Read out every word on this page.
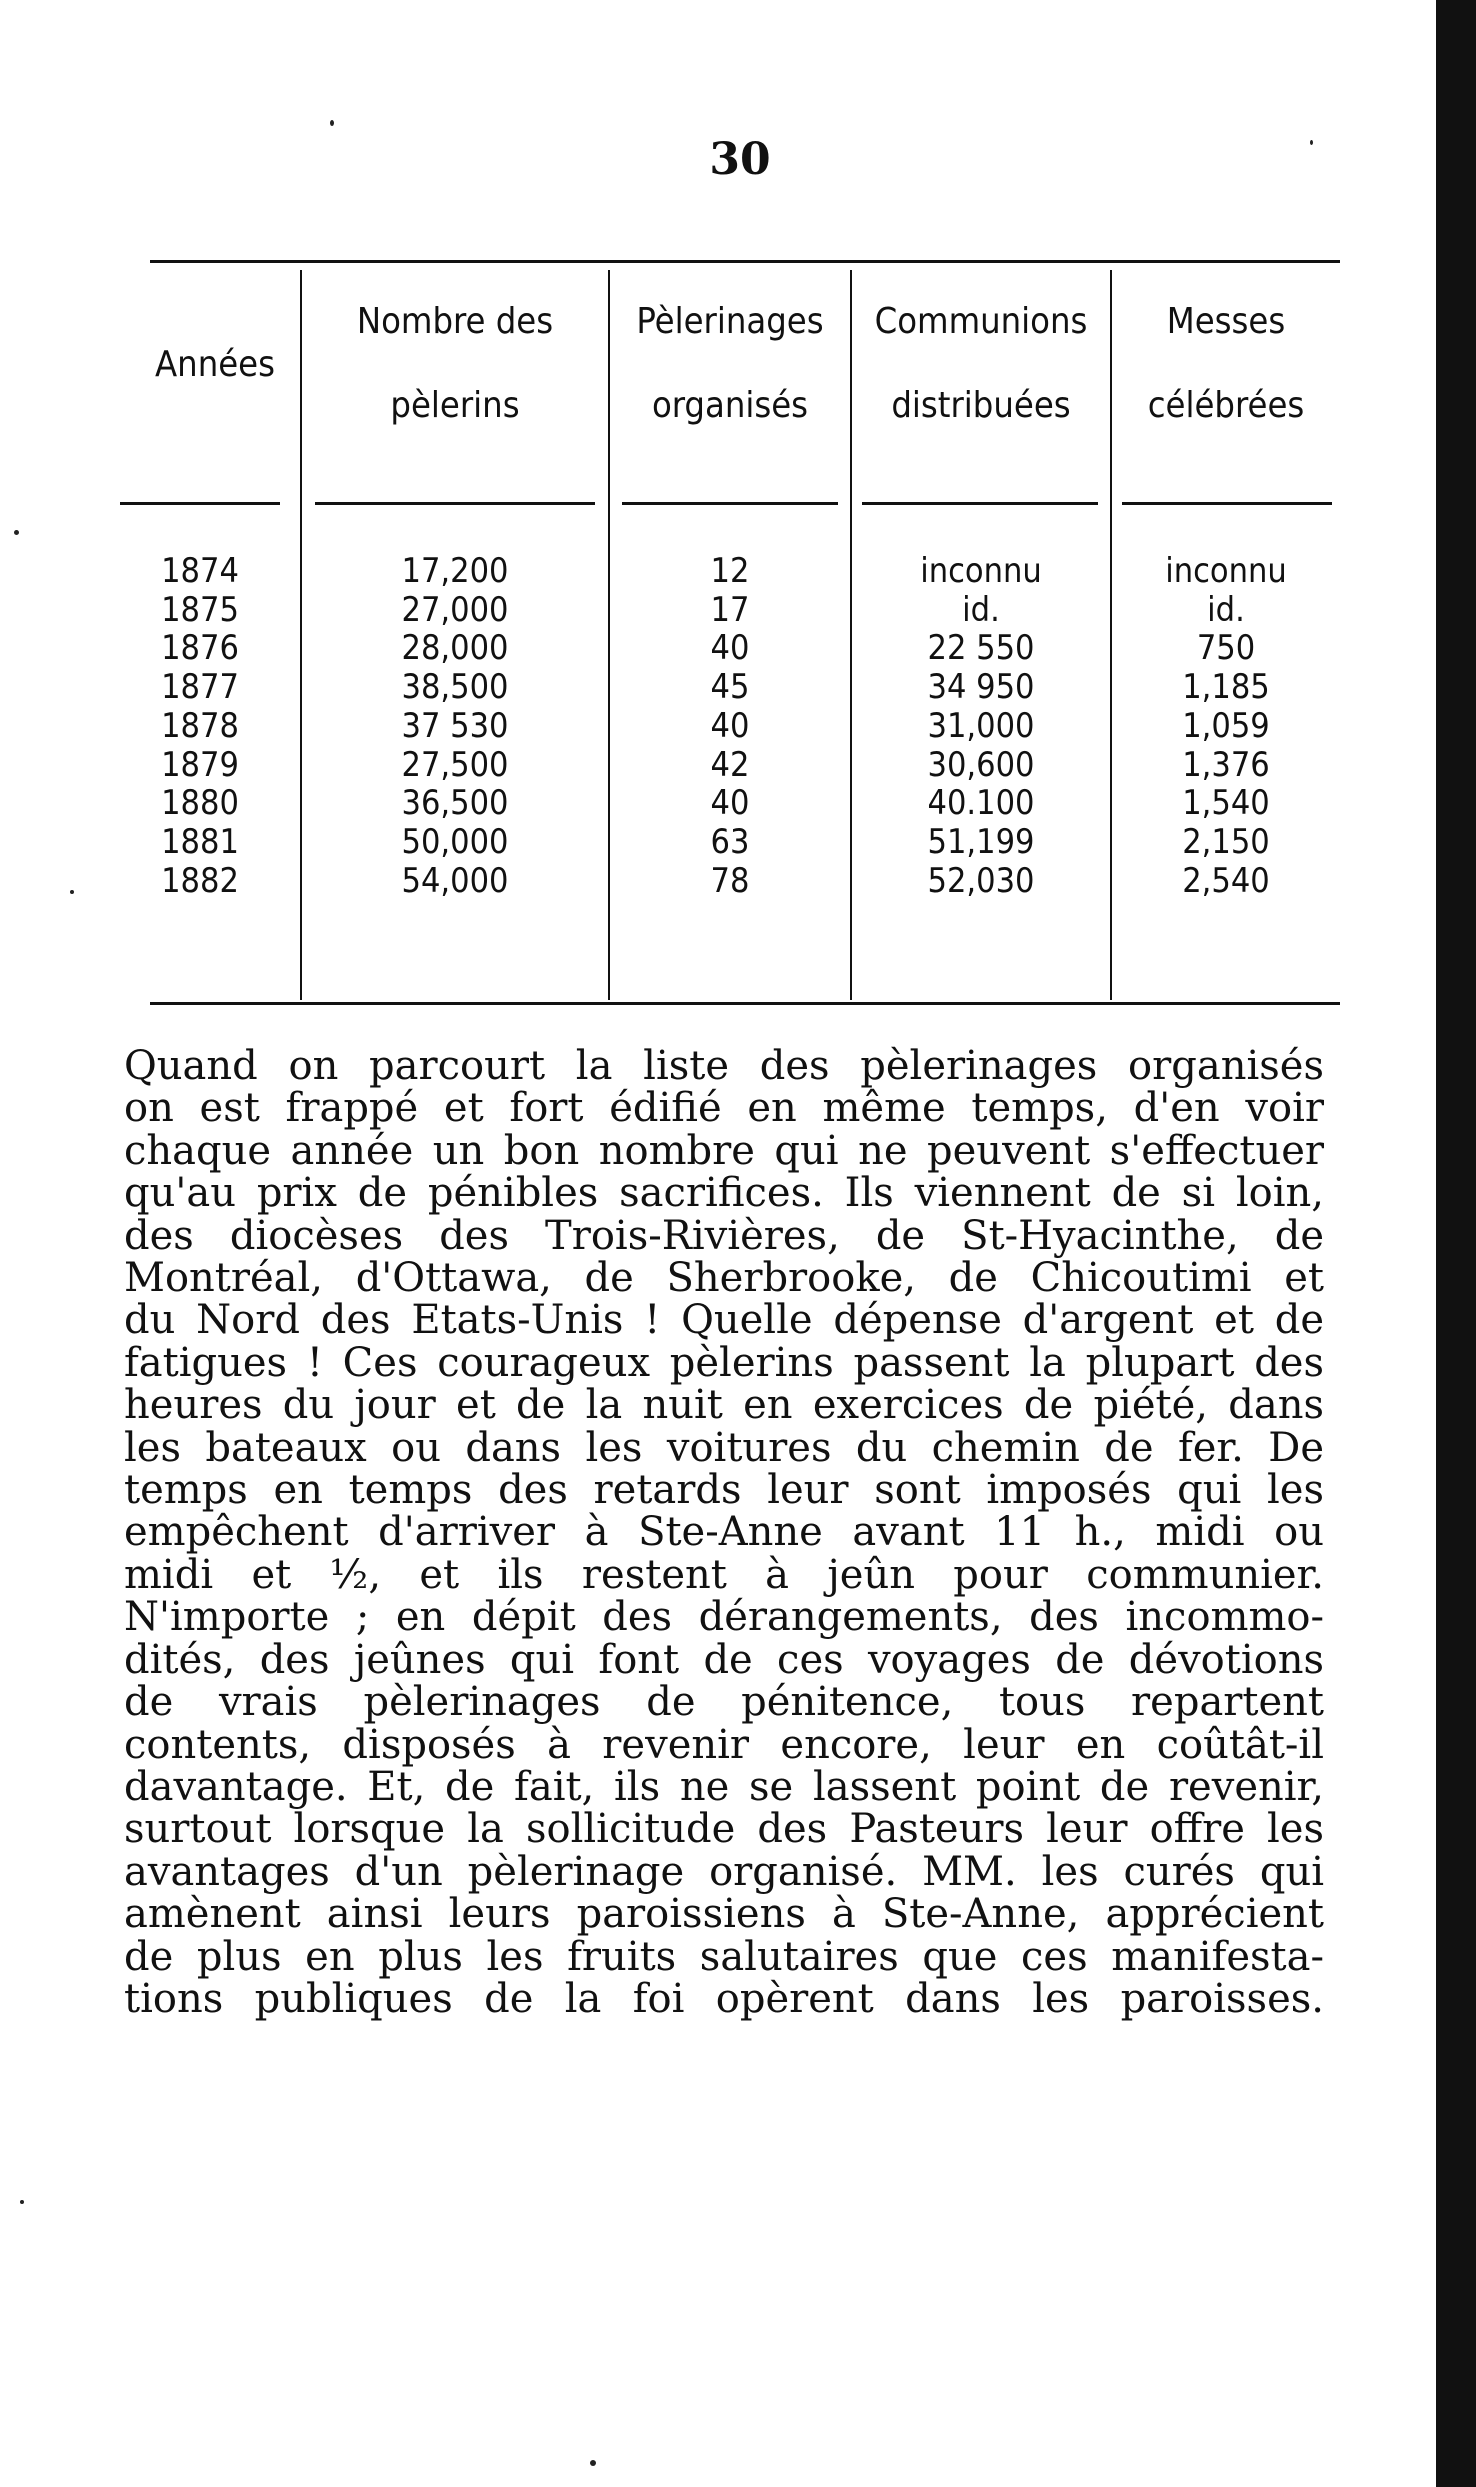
30
Années
Nombre des
pèlerins
Pèlerinages
organisés
Communions
distribuées
Messes
célébrées
1874
1875
1876
1877
1878
1879
1880
1881
1882
17,200
27,000
28,000
38,500
37 530
27,500
36,500
50,000
54,000
12
17
40
45
40
42
40
63
78
inconnu
id.
22 550
34 950
31,000
30,600
40.100
51,199
52,030
inconnu
id.
750
1,185
1,059
1,376
1,540
2,150
2,540
Quand on parcourt la liste des pèlerinages organisés
on est frappé et fort édifié en même temps, d'en voir
chaque année un bon nombre qui ne peuvent s'effectuer
qu'au prix de pénibles sacrifices. Ils viennent de si loin,
des diocèses des Trois-Rivières, de St-Hyacinthe, de
Montréal, d'Ottawa, de Sherbrooke, de Chicoutimi et
du Nord des Etats-Unis ! Quelle dépense d'argent et de
fatigues ! Ces courageux pèlerins passent la plupart des
heures du jour et de la nuit en exercices de piété, dans
les bateaux ou dans les voitures du chemin de fer. De
temps en temps des retards leur sont imposés qui les
empêchent d'arriver à Ste-Anne avant 11 h., midi ou
midi et ½, et ils restent à jeûn pour communier.
N'importe ; en dépit des dérangements, des incommo-
dités, des jeûnes qui font de ces voyages de dévotions
de vrais pèlerinages de pénitence, tous repartent
contents, disposés à revenir encore, leur en coûtât-il
davantage. Et, de fait, ils ne se lassent point de revenir,
surtout lorsque la sollicitude des Pasteurs leur offre les
avantages d'un pèlerinage organisé. MM. les curés qui
amènent ainsi leurs paroissiens à Ste-Anne, apprécient
de plus en plus les fruits salutaires que ces manifesta-
tions publiques de la foi opèrent dans les paroisses.
